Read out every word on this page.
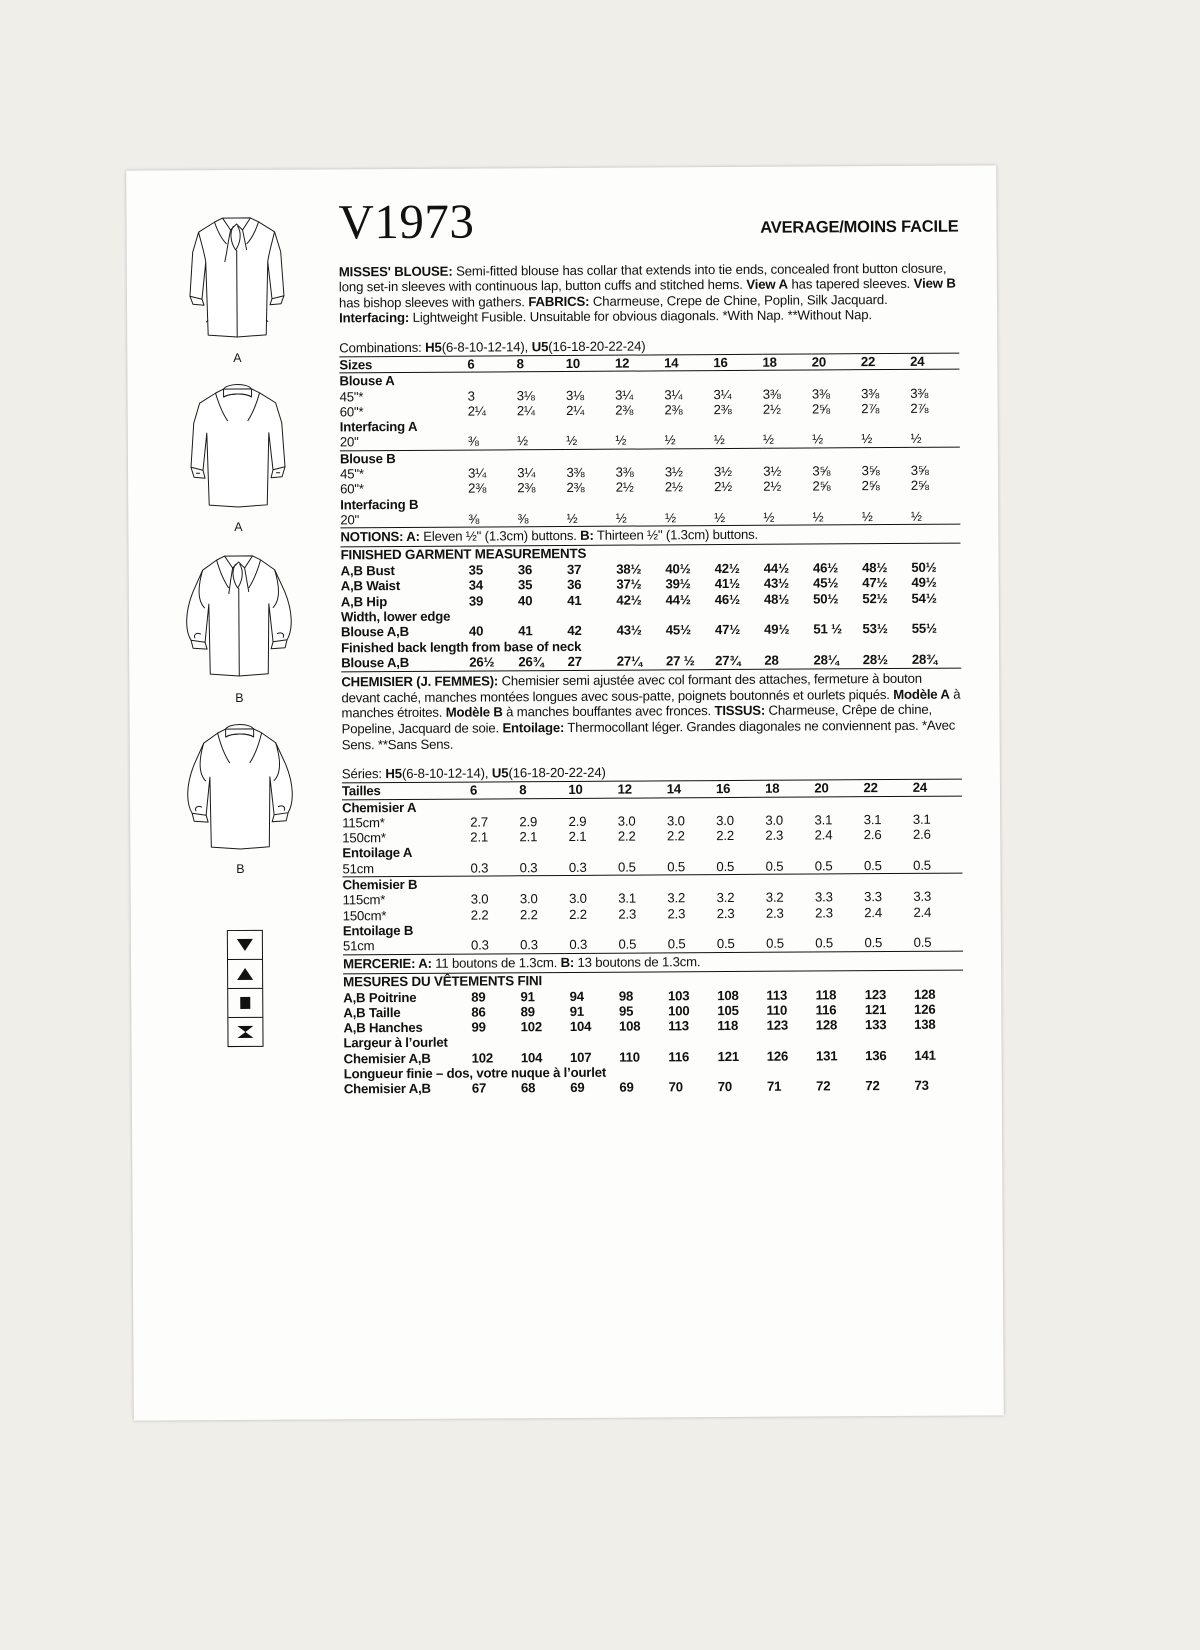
A
A
B
B
V1973	AVERAGE/MOINS FACILE
MISSES' BLOUSE: Semi-fitted blouse has collar that extends into tie ends, concealed front button closure, long set-in sleeves with continuous lap, button cuffs and stitched hems. View A has tapered sleeves. View B has bishop sleeves with gathers. FABRICS: Charmeuse, Crepe de Chine, Poplin, Silk Jacquard. Interfacing: Lightweight Fusible. Unsuitable for obvious diagonals. *With Nap. **Without Nap.
Combinations: H5(6-8-10-12-14), U5(16-18-20-22-24)
Sizes	6	8	10	12	14	16	18	20	22	24
Blouse A										
45"*	3	3⅛	3⅛	3¼	3¼	3¼	3⅜	3⅜	3⅜	3⅜
60"*	2¼	2¼	2¼	2⅜	2⅜	2⅜	2½	2⅝	2⅞	2⅞
Interfacing A										
20"	⅜	½	½	½	½	½	½	½	½	½
Blouse B										
45"*	3¼	3¼	3⅜	3⅜	3½	3½	3½	3⅝	3⅝	3⅝
60"*	2⅜	2⅜	2⅜	2½	2½	2½	2½	2⅝	2⅝	2⅝
Interfacing B										
20"	⅜	⅜	½	½	½	½	½	½	½	½
NOTIONS: A: Eleven ½" (1.3cm) buttons. B: Thirteen ½" (1.3cm) buttons.
FINISHED GARMENT MEASUREMENTS
A,B Bust	35	36	37	38½	40½	42½	44½	46½	48½	50½
A,B Waist	34	35	36	37½	39½	41½	43½	45½	47½	49½
A,B Hip	39	40	41	42½	44½	46½	48½	50½	52½	54½
Width, lower edge										
Blouse A,B	40	41	42	43½	45½	47½	49½	51 ½	53½	55½
Finished back length from base of neck										
Blouse A,B	26½	26¾	27	27¼	27 ½	27¾	28	28¼	28½	28¾
CHEMISIER (J. FEMMES): Chemisier semi ajustée avec col formant des attaches, fermeture à bouton devant caché, manches montées longues avec sous-patte, poignets boutonnés et ourlets piqués. Modèle A à manches étroites. Modèle B à manches bouffantes avec fronces. TISSUS: Charmeuse, Crêpe de chine, Popeline, Jacquard de soie. Entoilage: Thermocollant léger. Grandes diagonales ne conviennent pas. *Avec Sens. **Sans Sens.
Séries: H5(6-8-10-12-14), U5(16-18-20-22-24)
Tailles	6	8	10	12	14	16	18	20	22	24
Chemisier A										
115cm*	2.7	2.9	2.9	3.0	3.0	3.0	3.0	3.1	3.1	3.1
150cm*	2.1	2.1	2.1	2.2	2.2	2.2	2.3	2.4	2.6	2.6
Entoilage A										
51cm	0.3	0.3	0.3	0.5	0.5	0.5	0.5	0.5	0.5	0.5
Chemisier B										
115cm*	3.0	3.0	3.0	3.1	3.2	3.2	3.2	3.3	3.3	3.3
150cm*	2.2	2.2	2.2	2.3	2.3	2.3	2.3	2.3	2.4	2.4
Entoilage B										
51cm	0.3	0.3	0.3	0.5	0.5	0.5	0.5	0.5	0.5	0.5
MERCERIE: A: 11 boutons de 1.3cm. B: 13 boutons de 1.3cm.
MESURES DU VÊTEMENTS FINI
A,B Poitrine	89	91	94	98	103	108	113	118	123	128
A,B Taille	86	89	91	95	100	105	110	116	121	126
A,B Hanches	99	102	104	108	113	118	123	128	133	138
Largeur à l’ourlet										
Chemisier A,B	102	104	107	110	116	121	126	131	136	141
Longueur finie – dos, votre nuque à l’ourlet										
Chemisier A,B	67	68	69	69	70	70	71	72	72	73
